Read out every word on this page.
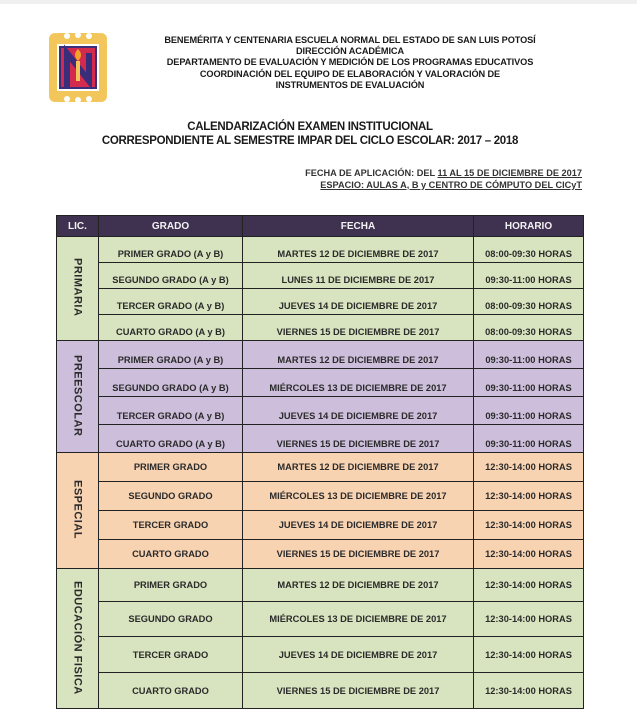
BENEMÉRITA Y CENTENARIA ESCUELA NORMAL DEL ESTADO DE SAN LUIS POTOSÍ
DIRECCIÓN ACADÉMICA
DEPARTAMENTO DE EVALUACIÓN Y MEDICIÓN DE LOS PROGRAMAS EDUCATIVOS
COORDINACIÓN DEL EQUIPO DE ELABORACIÓN Y VALORACIÓN DE
INSTRUMENTOS DE EVALUACIÓN
CALENDARIZACIÓN EXAMEN INSTITUCIONAL
CORRESPONDIENTE AL SEMESTRE IMPAR DEL CICLO ESCOLAR: 2017 – 2018
FECHA DE APLICACIÓN: DEL 11 AL 15 DE DICIEMBRE DE 2017
ESPACIO: AULAS A, B y CENTRO DE CÓMPUTO DEL CICyT
LIC.	GRADO	FECHA	HORARIO
PRIMARIA	PRIMER GRADO (A y B)	MARTES 12 DE DICIEMBRE DE 2017	08:00-09:30 HORAS
	SEGUNDO GRADO (A y B)	LUNES 11 DE DICIEMBRE DE 2017	09:30-11:00 HORAS
	TERCER GRADO (A y B)	JUEVES 14 DE DICIEMBRE DE 2017	08:00-09:30 HORAS
	CUARTO GRADO (A y B)	VIERNES 15 DE DICIEMBRE DE 2017	08:00-09:30 HORAS
PREESCOLAR	PRIMER GRADO (A y B)	MARTES 12 DE DICIEMBRE DE 2017	09:30-11:00 HORAS
	SEGUNDO GRADO (A y B)	MIÉRCOLES 13 DE DICIEMBRE DE 2017	09:30-11:00 HORAS
	TERCER GRADO (A y B)	JUEVES 14 DE DICIEMBRE DE 2017	09:30-11:00 HORAS
	CUARTO GRADO (A y B)	VIERNES 15 DE DICIEMBRE DE 2017	09:30-11:00 HORAS
ESPECIAL	PRIMER GRADO	MARTES 12 DE DICIEMBRE DE 2017	12:30-14:00 HORAS
	SEGUNDO GRADO	MIÉRCOLES 13 DE DICIEMBRE DE 2017	12:30-14:00 HORAS
	TERCER GRADO	JUEVES 14 DE DICIEMBRE DE 2017	12:30-14:00 HORAS
	CUARTO GRADO	VIERNES 15 DE DICIEMBRE DE 2017	12:30-14:00 HORAS
EDUCACIÓN FISICA	PRIMER GRADO	MARTES 12 DE DICIEMBRE DE 2017	12:30-14:00 HORAS
	SEGUNDO GRADO	MIÉRCOLES 13 DE DICIEMBRE DE 2017	12:30-14:00 HORAS
	TERCER GRADO	JUEVES 14 DE DICIEMBRE DE 2017	12:30-14:00 HORAS
	CUARTO GRADO	VIERNES 15 DE DICIEMBRE DE 2017	12:30-14:00 HORAS
